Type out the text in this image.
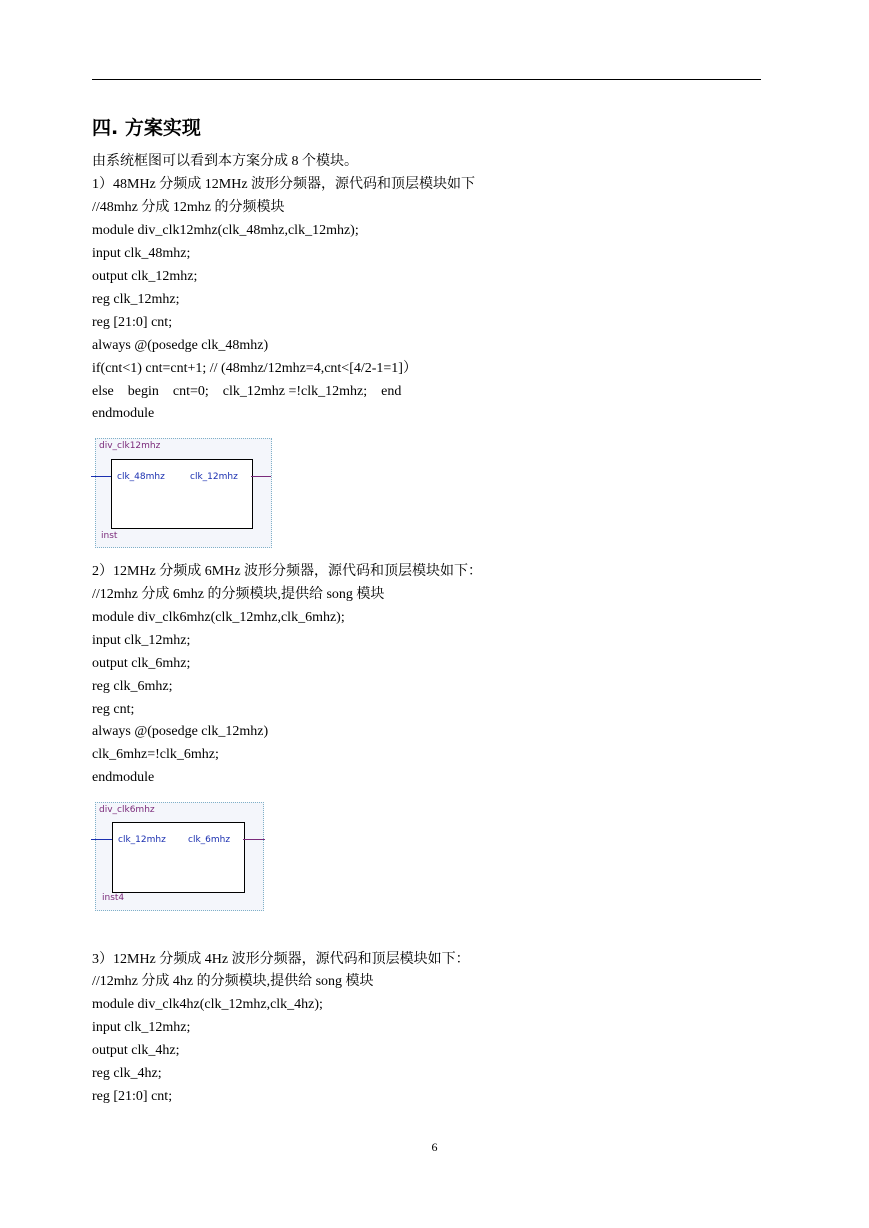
四. 方案实现
由系统框图可以看到本方案分成 8 个模块。
1）48MHz 分频成 12MHz 波形分频器，源代码和顶层模块如下
//48mhz 分成 12mhz 的分频模块
module div_clk12mhz(clk_48mhz,clk_12mhz);
input clk_48mhz;
output clk_12mhz;
reg clk_12mhz;
reg [21:0] cnt;
always @(posedge clk_48mhz)
if(cnt<1) cnt=cnt+1; // (48mhz/12mhz=4,cnt<[4/2-1=1]）
else    begin    cnt=0;    clk_12mhz =!clk_12mhz;    end
endmodule
div_clk12mhz
clk_48mhz	clk_12mhz
inst
2）12MHz 分频成 6MHz 波形分频器，源代码和顶层模块如下：
//12mhz 分成 6mhz 的分频模块,提供给 song 模块
module div_clk6mhz(clk_12mhz,clk_6mhz);
input clk_12mhz;
output clk_6mhz;
reg clk_6mhz;
reg cnt;
always @(posedge clk_12mhz)
clk_6mhz=!clk_6mhz;
endmodule
div_clk6mhz
clk_12mhz clk_6mhz
inst4
3）12MHz 分频成 4Hz 波形分频器，源代码和顶层模块如下：
//12mhz 分成 4hz 的分频模块,提供给 song 模块
module div_clk4hz(clk_12mhz,clk_4hz);
input clk_12mhz;
output clk_4hz;
reg clk_4hz;
reg [21:0] cnt;
6
